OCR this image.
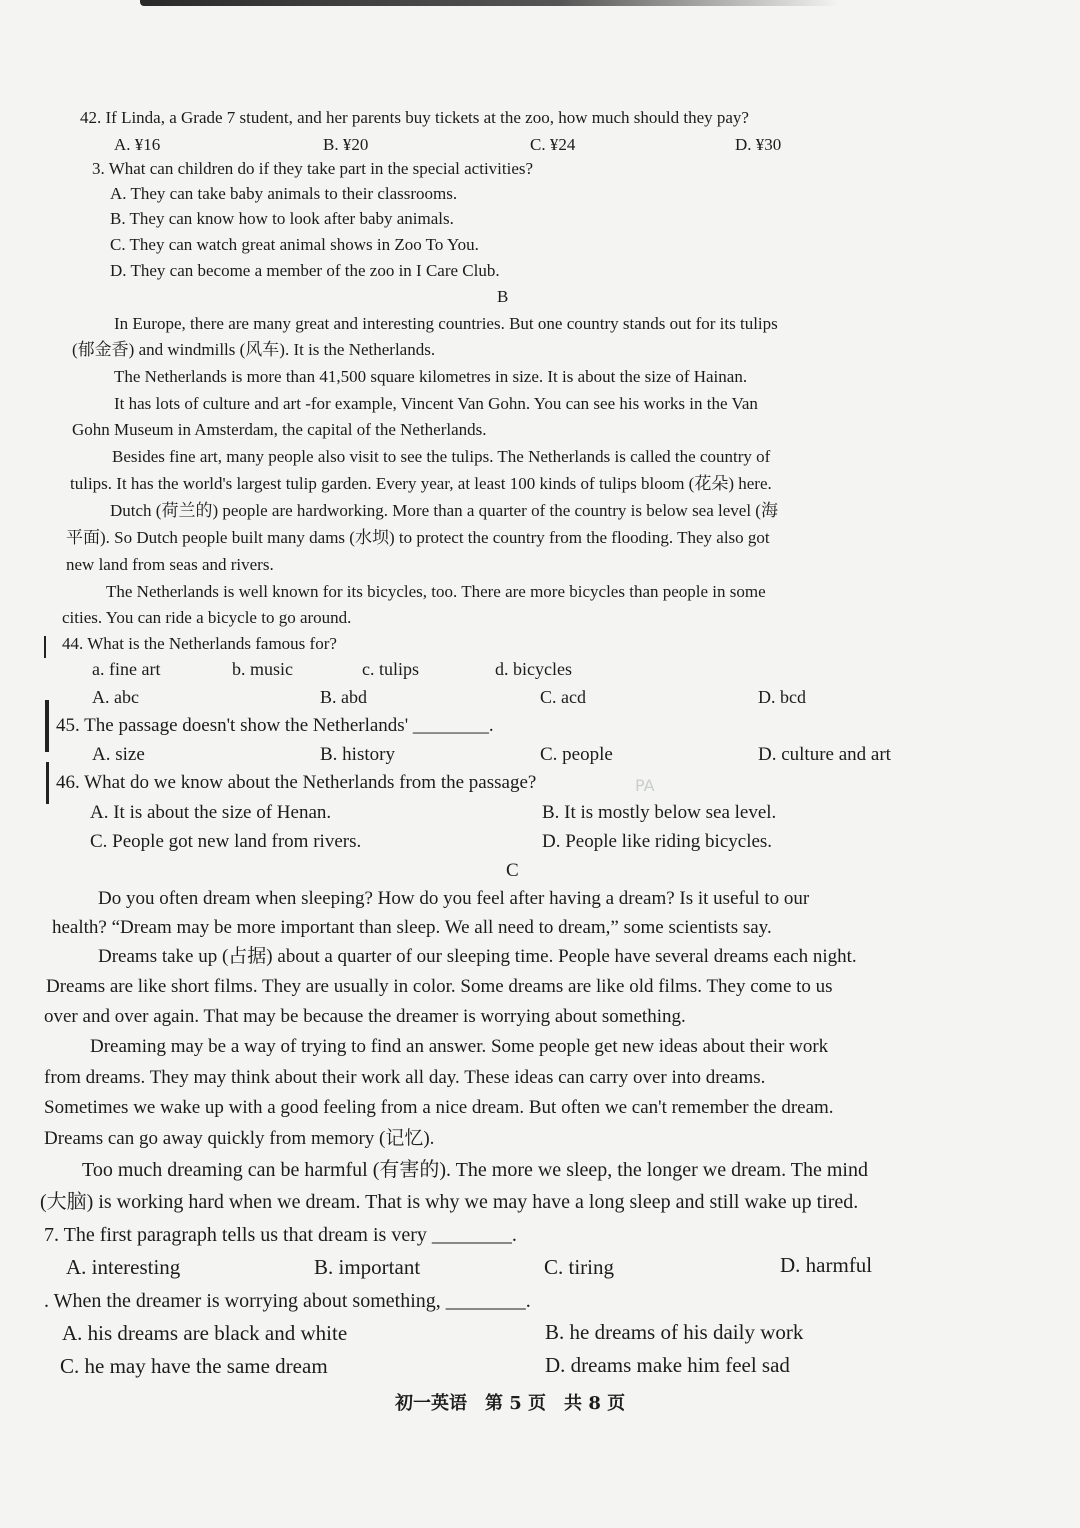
42. If Linda, a Grade 7 student, and her parents buy tickets at the zoo, how much should they pay?
A. ¥16	B. ¥20	C. ¥24	D. ¥30
3. What can children do if they take part in the special activities?
A. They can take baby animals to their classrooms.
B. They can know how to look after baby animals.
C. They can watch great animal shows in Zoo To You.
D. They can become a member of the zoo in I Care Club.
B
In Europe, there are many great and interesting countries. But one country stands out for its tulips
(郁金香) and windmills (风车). It is the Netherlands.
The Netherlands is more than 41,500 square kilometres in size. It is about the size of Hainan.
It has lots of culture and art -for example, Vincent Van Gohn. You can see his works in the Van
Gohn Museum in Amsterdam, the capital of the Netherlands.
Besides fine art, many people also visit to see the tulips. The Netherlands is called the country of
tulips. It has the world's largest tulip garden. Every year, at least 100 kinds of tulips bloom (花朵) here.
Dutch (荷兰的) people are hardworking. More than a quarter of the country is below sea level (海
平面). So Dutch people built many dams (水坝) to protect the country from the flooding. They also got
new land from seas and rivers.
The Netherlands is well known for its bicycles, too. There are more bicycles than people in some
cities. You can ride a bicycle to go around.
44. What is the Netherlands famous for?
a. fine art	b. music	c. tulips	d. bicycles
A. abc	B. abd	C. acd	D. bcd
45. The passage doesn't show the Netherlands' ________.
A. size	B. history	C. people	D. culture and art
46. What do we know about the Netherlands from the passage?
A. It is about the size of Henan.	B. It is mostly below sea level.
C. People got new land from rivers.	D. People like riding bicycles.
C
Do you often dream when sleeping? How do you feel after having a dream? Is it useful to our
health? “Dream may be more important than sleep. We all need to dream,” some scientists say.
Dreams take up (占据) about a quarter of our sleeping time. People have several dreams each night.
Dreams are like short films. They are usually in color. Some dreams are like old films. They come to us
over and over again. That may be because the dreamer is worrying about something.
Dreaming may be a way of trying to find an answer. Some people get new ideas about their work
from dreams. They may think about their work all day. These ideas can carry over into dreams.
Sometimes we wake up with a good feeling from a nice dream. But often we can't remember the dream.
Dreams can go away quickly from memory (记忆).
Too much dreaming can be harmful (有害的). The more we sleep, the longer we dream. The mind
(大脑) is working hard when we dream. That is why we may have a long sleep and still wake up tired.
7. The first paragraph tells us that dream is very ________.
A. interesting	B. important	C. tiring	D. harmful
. When the dreamer is worrying about something, ________.
A. his dreams are black and white	B. he dreams of his daily work
C. he may have the same dream	D. dreams make him feel sad
初一英语　第 5 页　共 8 页
PA
